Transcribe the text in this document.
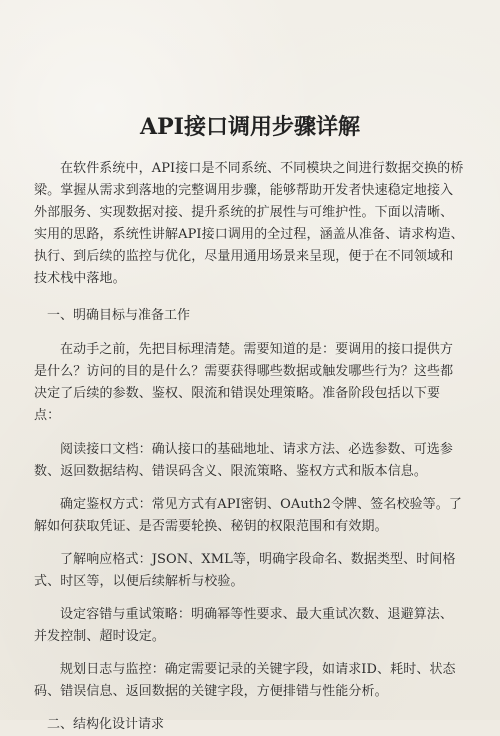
API接口调用步骤详解

在软件系统中，API接口是不同系统、不同模块之间进行数据交换的桥梁。掌握从需求到落地的完整调用步骤，能够帮助开发者快速稳定地接入外部服务、实现数据对接、提升系统的扩展性与可维护性。下面以清晰、实用的思路，系统性讲解API接口调用的全过程，涵盖从准备、请求构造、执行、到后续的监控与优化，尽量用通用场景来呈现，便于在不同领域和技术栈中落地。

一、明确目标与准备工作

在动手之前，先把目标理清楚。需要知道的是：要调用的接口提供方是什么？访问的目的是什么？需要获得哪些数据或触发哪些行为？这些都决定了后续的参数、鉴权、限流和错误处理策略。准备阶段包括以下要点：

阅读接口文档：确认接口的基础地址、请求方法、必选参数、可选参数、返回数据结构、错误码含义、限流策略、鉴权方式和版本信息。

确定鉴权方式：常见方式有API密钥、OAuth2令牌、签名校验等。了解如何获取凭证、是否需要轮换、秘钥的权限范围和有效期。

了解响应格式：JSON、XML等，明确字段命名、数据类型、时间格式、时区等，以便后续解析与校验。

设定容错与重试策略：明确幂等性要求、最大重试次数、退避算法、并发控制、超时设定。

规划日志与监控：确定需要记录的关键字段，如请求ID、耗时、状态码、错误信息、返回数据的关键字段，方便排错与性能分析。

二、结构化设计请求
